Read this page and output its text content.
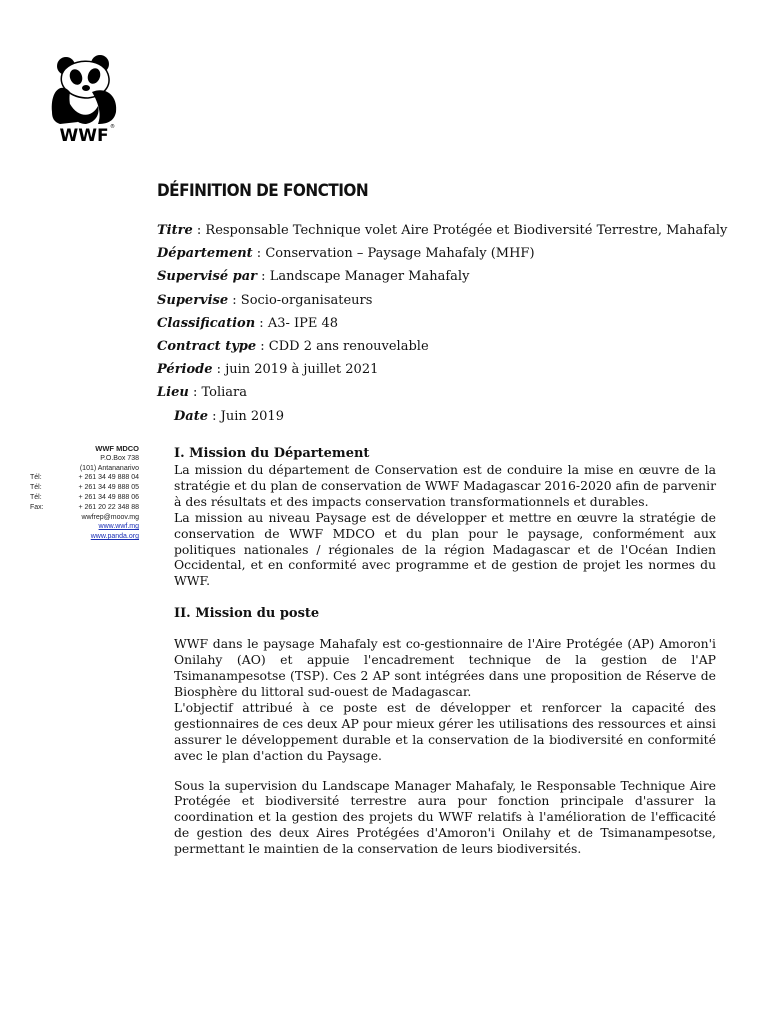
WWF
®
®
DÉFINITION DE FONCTION
Titre : Responsable Technique volet Aire Protégée et Biodiversité Terrestre, Mahafaly
Département : Conservation – Paysage Mahafaly (MHF)
Supervisé par : Landscape Manager Mahafaly
Supervise : Socio-organisateurs
Classification : A3- IPE 48
Contract type : CDD 2 ans renouvelable
Période : juin 2019 à juillet 2021
Lieu : Toliara
Date : Juin 2019
WWF MDCO
P.O.Box 738
(101) Antananarivo
Tél:	+ 261 34 49 888 04
Tél:	+ 261 34 49 888 05
Tél:	+ 261 34 49 888 06
Fax:	+ 261 20 22 348 88
wwfrep@moov.mg
www.wwf.mg
www.panda.org
I. Mission du Département

La mission du département de Conservation est de conduire la mise en œuvre de la stratégie et du plan de conservation de WWF Madagascar 2016-2020 afin de parvenir à des résultats et des impacts conservation transformationnels et durables.

La mission au niveau Paysage est de développer et mettre en œuvre la stratégie de conservation de WWF MDCO et du plan pour le paysage, conformément aux politiques nationales / régionales de la région Madagascar et de l'Océan Indien Occidental, et en conformité avec programme et de gestion de projet les normes du WWF.

II. Mission du poste

WWF dans le paysage Mahafaly est co-gestionnaire de l'Aire Protégée (AP) Amoron'i Onilahy (AO) et appuie l'encadrement technique de la gestion de l'AP Tsimanampesotse (TSP). Ces 2 AP sont intégrées dans une proposition de Réserve de Biosphère du littoral sud-ouest de Madagascar.

L'objectif attribué à ce poste est de développer et renforcer la capacité des gestionnaires de ces deux AP pour mieux gérer les utilisations des ressources et ainsi assurer le développement durable et la conservation de la biodiversité en conformité avec le plan d'action du Paysage.

Sous la supervision du Landscape Manager Mahafaly, le Responsable Technique Aire Protégée et biodiversité terrestre aura pour fonction principale d'assurer la coordination et la gestion des projets du WWF relatifs à l'amélioration de l'efficacité de gestion des deux Aires Protégées d'Amoron'i Onilahy et de Tsimanampesotse, permettant le maintien de la conservation de leurs biodiversités.
